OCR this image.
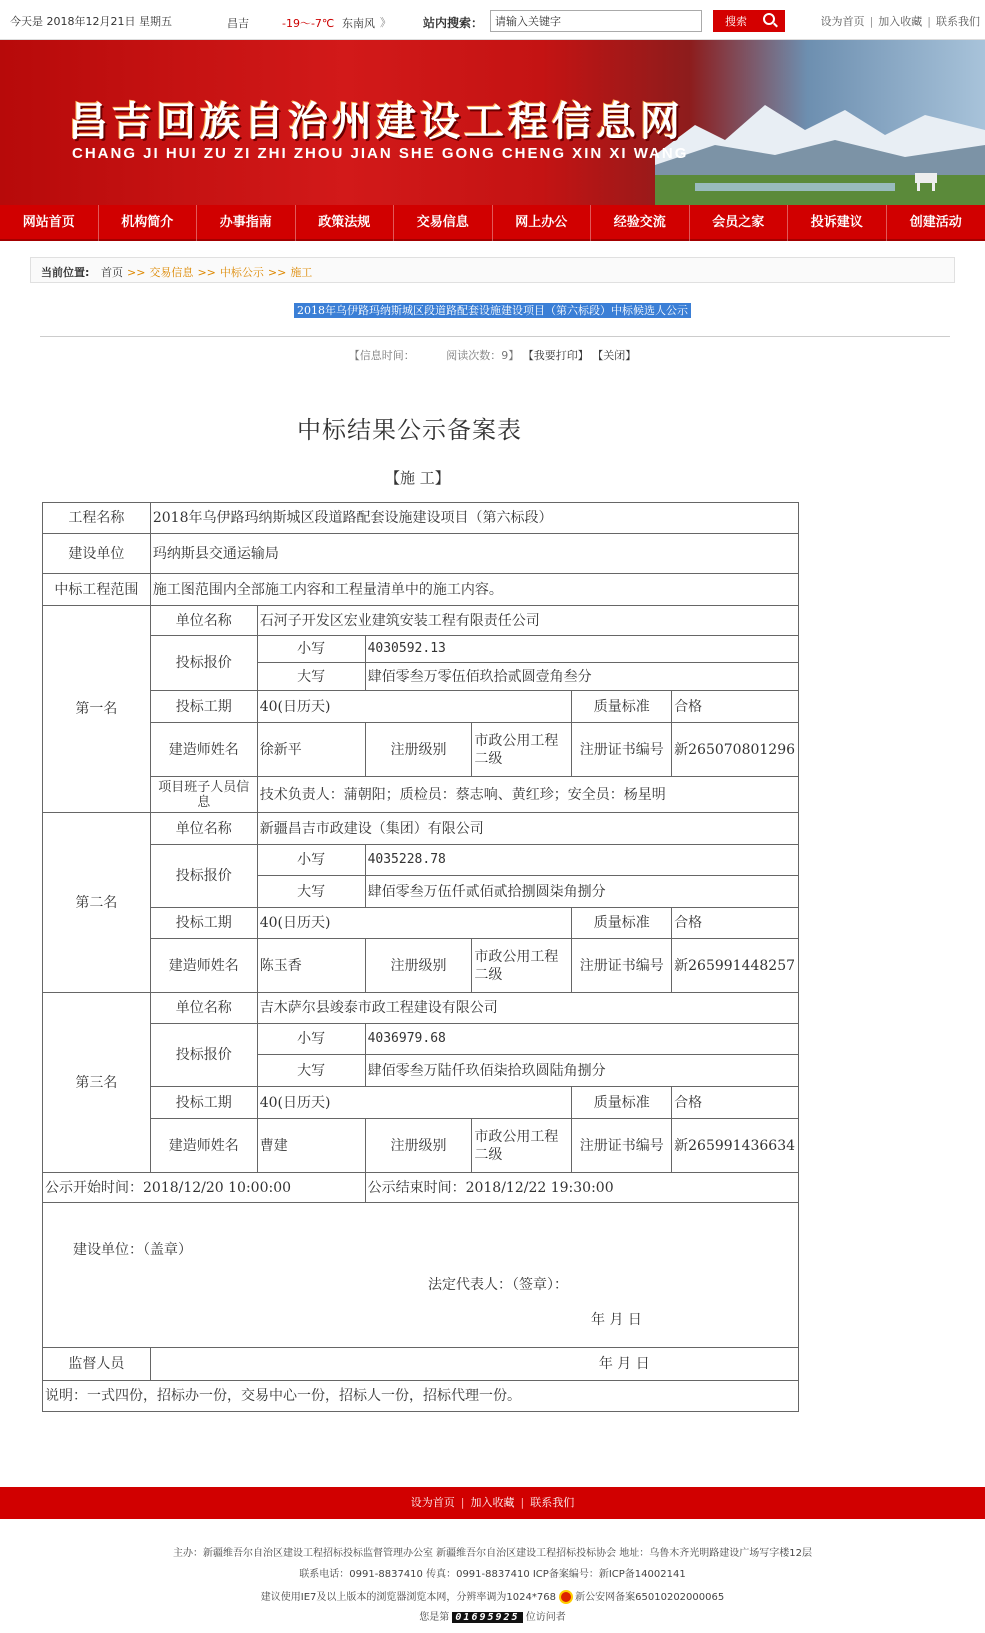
今天是 2018年12月21日 星期五	昌吉	-19～-7℃ 东南风 》	站内搜索：
请输入关键字	搜索	设为首页 | 加入收藏 | 联系我们
昌吉回族自治州建设工程信息网
CHANG JI HUI ZU ZI ZHI ZHOU JIAN SHE GONG CHENG XIN XI WANG
网站首页	机构简介	办事指南	政策法规	交易信息	网上办公	经验交流	会员之家	投诉建议	创建活动
当前位置: 首页 >> 交易信息 >> 中标公示 >> 施工
2018年乌伊路玛纳斯城区段道路配套设施建设项目（第六标段）中标候选人公示
【信息时间：	阅读次数：9】 【我要打印】 【关闭】
中标结果公示备案表
【施 工】
工程名称	2018年乌伊路玛纳斯城区段道路配套设施建设项目（第六标段）					
建设单位	玛纳斯县交通运输局					
中标工程范围	施工图范围内全部施工内容和工程量清单中的施工内容。					
第一名	单位名称	石河子开发区宏业建筑安装工程有限责任公司				
	投标报价	小写	4030592.13			
		大写	肆佰零叁万零伍佰玖拾贰圆壹角叁分			
	投标工期	40(日历天)			质量标准	合格
	建造师姓名	徐新平	注册级别	市政公用工程二级	注册证书编号	新265070801296
	项目班子人员信息	技术负责人：蒲朝阳；质检员：蔡志响、黄红珍；安全员：杨星明				
第二名	单位名称	新疆昌吉市政建设（集团）有限公司				
	投标报价	小写	4035228.78			
		大写	肆佰零叁万伍仟贰佰贰拾捌圆柒角捌分			
	投标工期	40(日历天)			质量标准	合格
	建造师姓名	陈玉香	注册级别	市政公用工程二级	注册证书编号	新265991448257
第三名	单位名称	吉木萨尔县竣泰市政工程建设有限公司				
	投标报价	小写	4036979.68			
		大写	肆佰零叁万陆仟玖佰柒拾玖圆陆角捌分			
	投标工期	40(日历天)			质量标准	合格
	建造师姓名	曹建	注册级别	市政公用工程二级	注册证书编号	新265991436634
公示开始时间：2018/12/20 10:00:00			公示结束时间：2018/12/22 19:30:00			

建设单位：（盖章）
法定代表人：（签章）：
年 月 日						

监督人员	年 月 日					

说明：一式四份，招标办一份，交易中心一份，招标人一份，招标代理一份。						
设为首页 | 加入收藏 | 联系我们
主办：新疆维吾尔自治区建设工程招标投标监督管理办公室 新疆维吾尔自治区建设工程招标投标协会 地址：乌鲁木齐光明路建设广场写字楼12层
联系电话：0991-8837410 传真：0991-8837410 ICP备案编号：新ICP备14002141
建议使用IE7及以上版本的浏览器浏览本网，分辨率调为1024*768 新公安网备案65010202000065
您是第 01695925 位访问者
